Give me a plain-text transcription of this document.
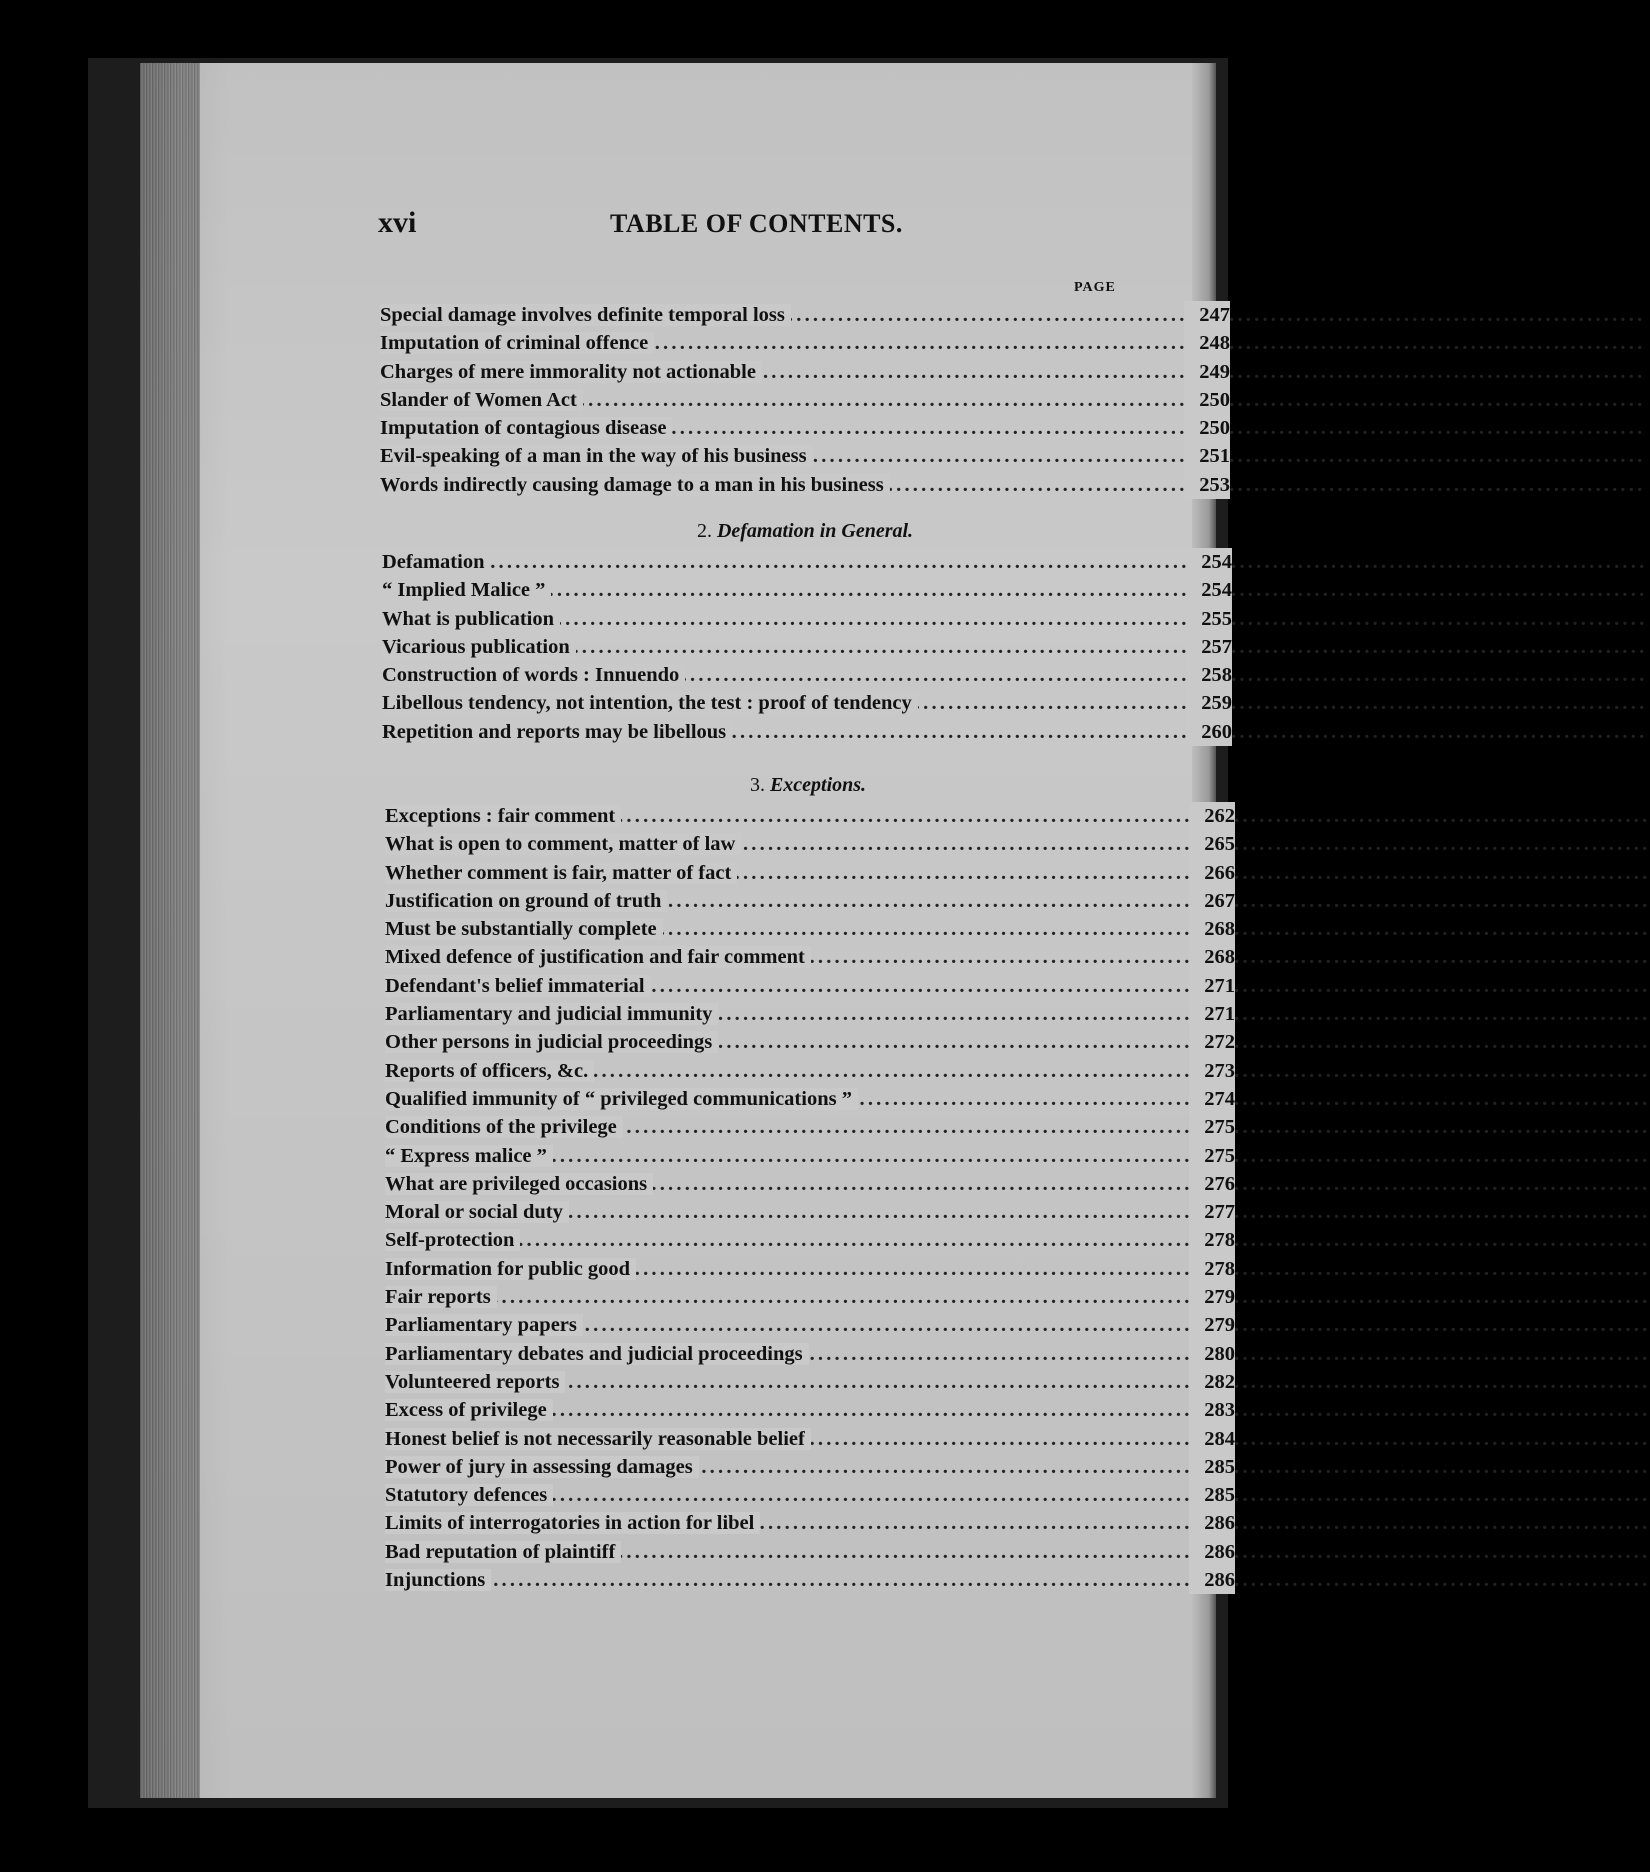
xvi	TABLE OF CONTENTS.
PAGE
.....
Special damage involves definite temporal loss	247
.....
Imputation of criminal offence	248
.....
Charges of mere immorality not actionable	249
.....
Slander of Women Act	250
.....
Imputation of contagious disease	250
.....
Evil-speaking of a man in the way of his business	251
.....
Words indirectly causing damage to a man in his business	253
2. Defamation in General.
.....
Defamation	254
.....
“ Implied Malice ”	254
.....
What is publication	255
.....
Vicarious publication	257
.....
Construction of words : Innuendo	258
.....
Libellous tendency, not intention, the test : proof of tendency	259
.....
Repetition and reports may be libellous	260
3. Exceptions.
.....
Exceptions : fair comment	262
.....
What is open to comment, matter of law	265
.....
Whether comment is fair, matter of fact	266
.....
Justification on ground of truth	267
.....
Must be substantially complete	268
.....
Mixed defence of justification and fair comment	268
.....
Defendant's belief immaterial	271
.....
Parliamentary and judicial immunity	271
.....
Other persons in judicial proceedings	272
.....
Reports of officers, &c.	273
.....
Qualified immunity of “ privileged communications ”	274
.....
Conditions of the privilege	275
.....
“ Express malice ”	275
.....
What are privileged occasions	276
.....
Moral or social duty	277
.....
Self-protection	278
.....
Information for public good	278
.....
Fair reports	279
.....
Parliamentary papers	279
.....
Parliamentary debates and judicial proceedings	280
.....
Volunteered reports	282
.....
Excess of privilege	283
.....
Honest belief is not necessarily reasonable belief	284
.....
Power of jury in assessing damages	285
.....
Statutory defences	285
.....
Limits of interrogatories in action for libel	286
.....
Bad reputation of plaintiff	286
.....
Injunctions	286
